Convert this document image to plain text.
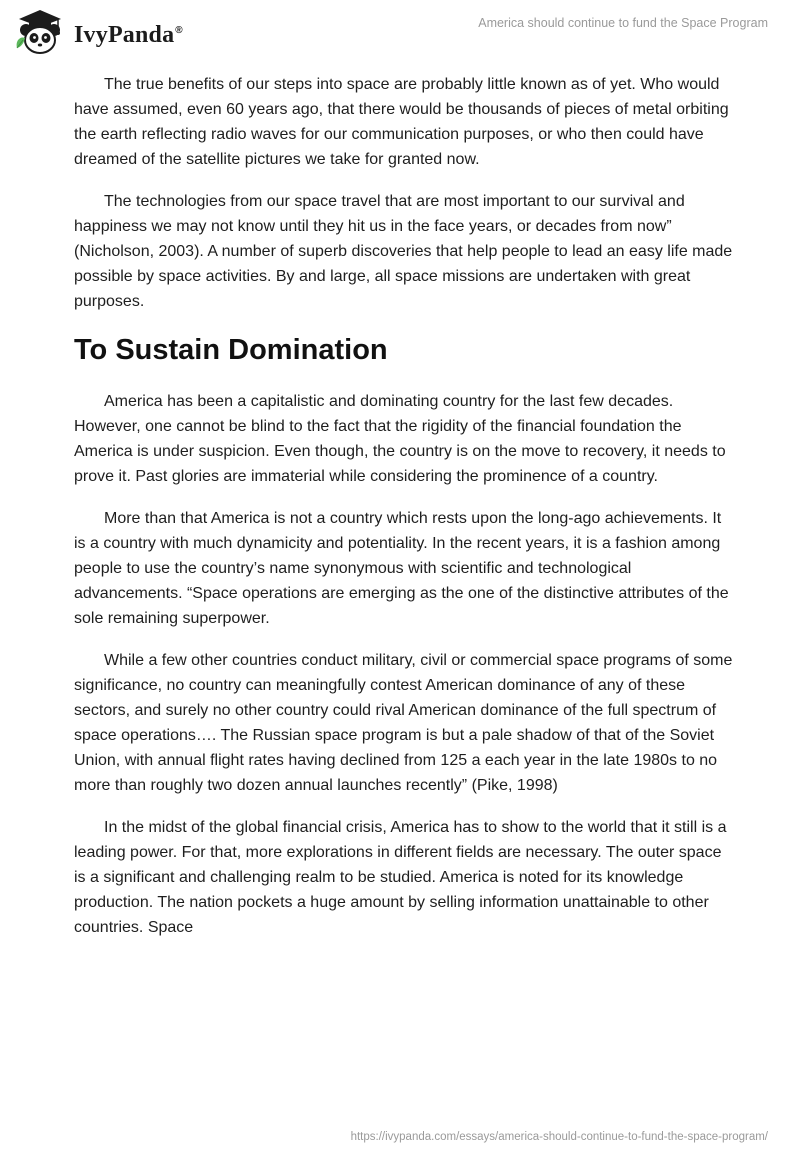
IvyPanda®	America should continue to fund the Space Program

The true benefits of our steps into space are probably little known as of yet. Who would have assumed, even 60 years ago, that there would be thousands of pieces of metal orbiting the earth reflecting radio waves for our communication purposes, or who then could have dreamed of the satellite pictures we take for granted now.

The technologies from our space travel that are most important to our survival and happiness we may not know until they hit us in the face years, or decades from now” (Nicholson, 2003). A number of superb discoveries that help people to lead an easy life made possible by space activities. By and large, all space missions are undertaken with great purposes.

To Sustain Domination

America has been a capitalistic and dominating country for the last few decades. However, one cannot be blind to the fact that the rigidity of the financial foundation the America is under suspicion. Even though, the country is on the move to recovery, it needs to prove it. Past glories are immaterial while considering the prominence of a country.

More than that America is not a country which rests upon the long-ago achievements. It is a country with much dynamicity and potentiality. In the recent years, it is a fashion among people to use the country’s name synonymous with scientific and technological advancements. “Space operations are emerging as the one of the distinctive attributes of the sole remaining superpower.

While a few other countries conduct military, civil or commercial space programs of some significance, no country can meaningfully contest American dominance of any of these sectors, and surely no other country could rival American dominance of the full spectrum of space operations…. The Russian space program is but a pale shadow of that of the Soviet Union, with annual flight rates having declined from 125 a each year in the late 1980s to no more than roughly two dozen annual launches recently” (Pike, 1998)

In the midst of the global financial crisis, America has to show to the world that it still is a leading power. For that, more explorations in different fields are necessary. The outer space is a significant and challenging realm to be studied. America is noted for its knowledge production. The nation pockets a huge amount by selling information unattainable to other countries. Space

https://ivypanda.com/essays/america-should-continue-to-fund-the-space-program/
